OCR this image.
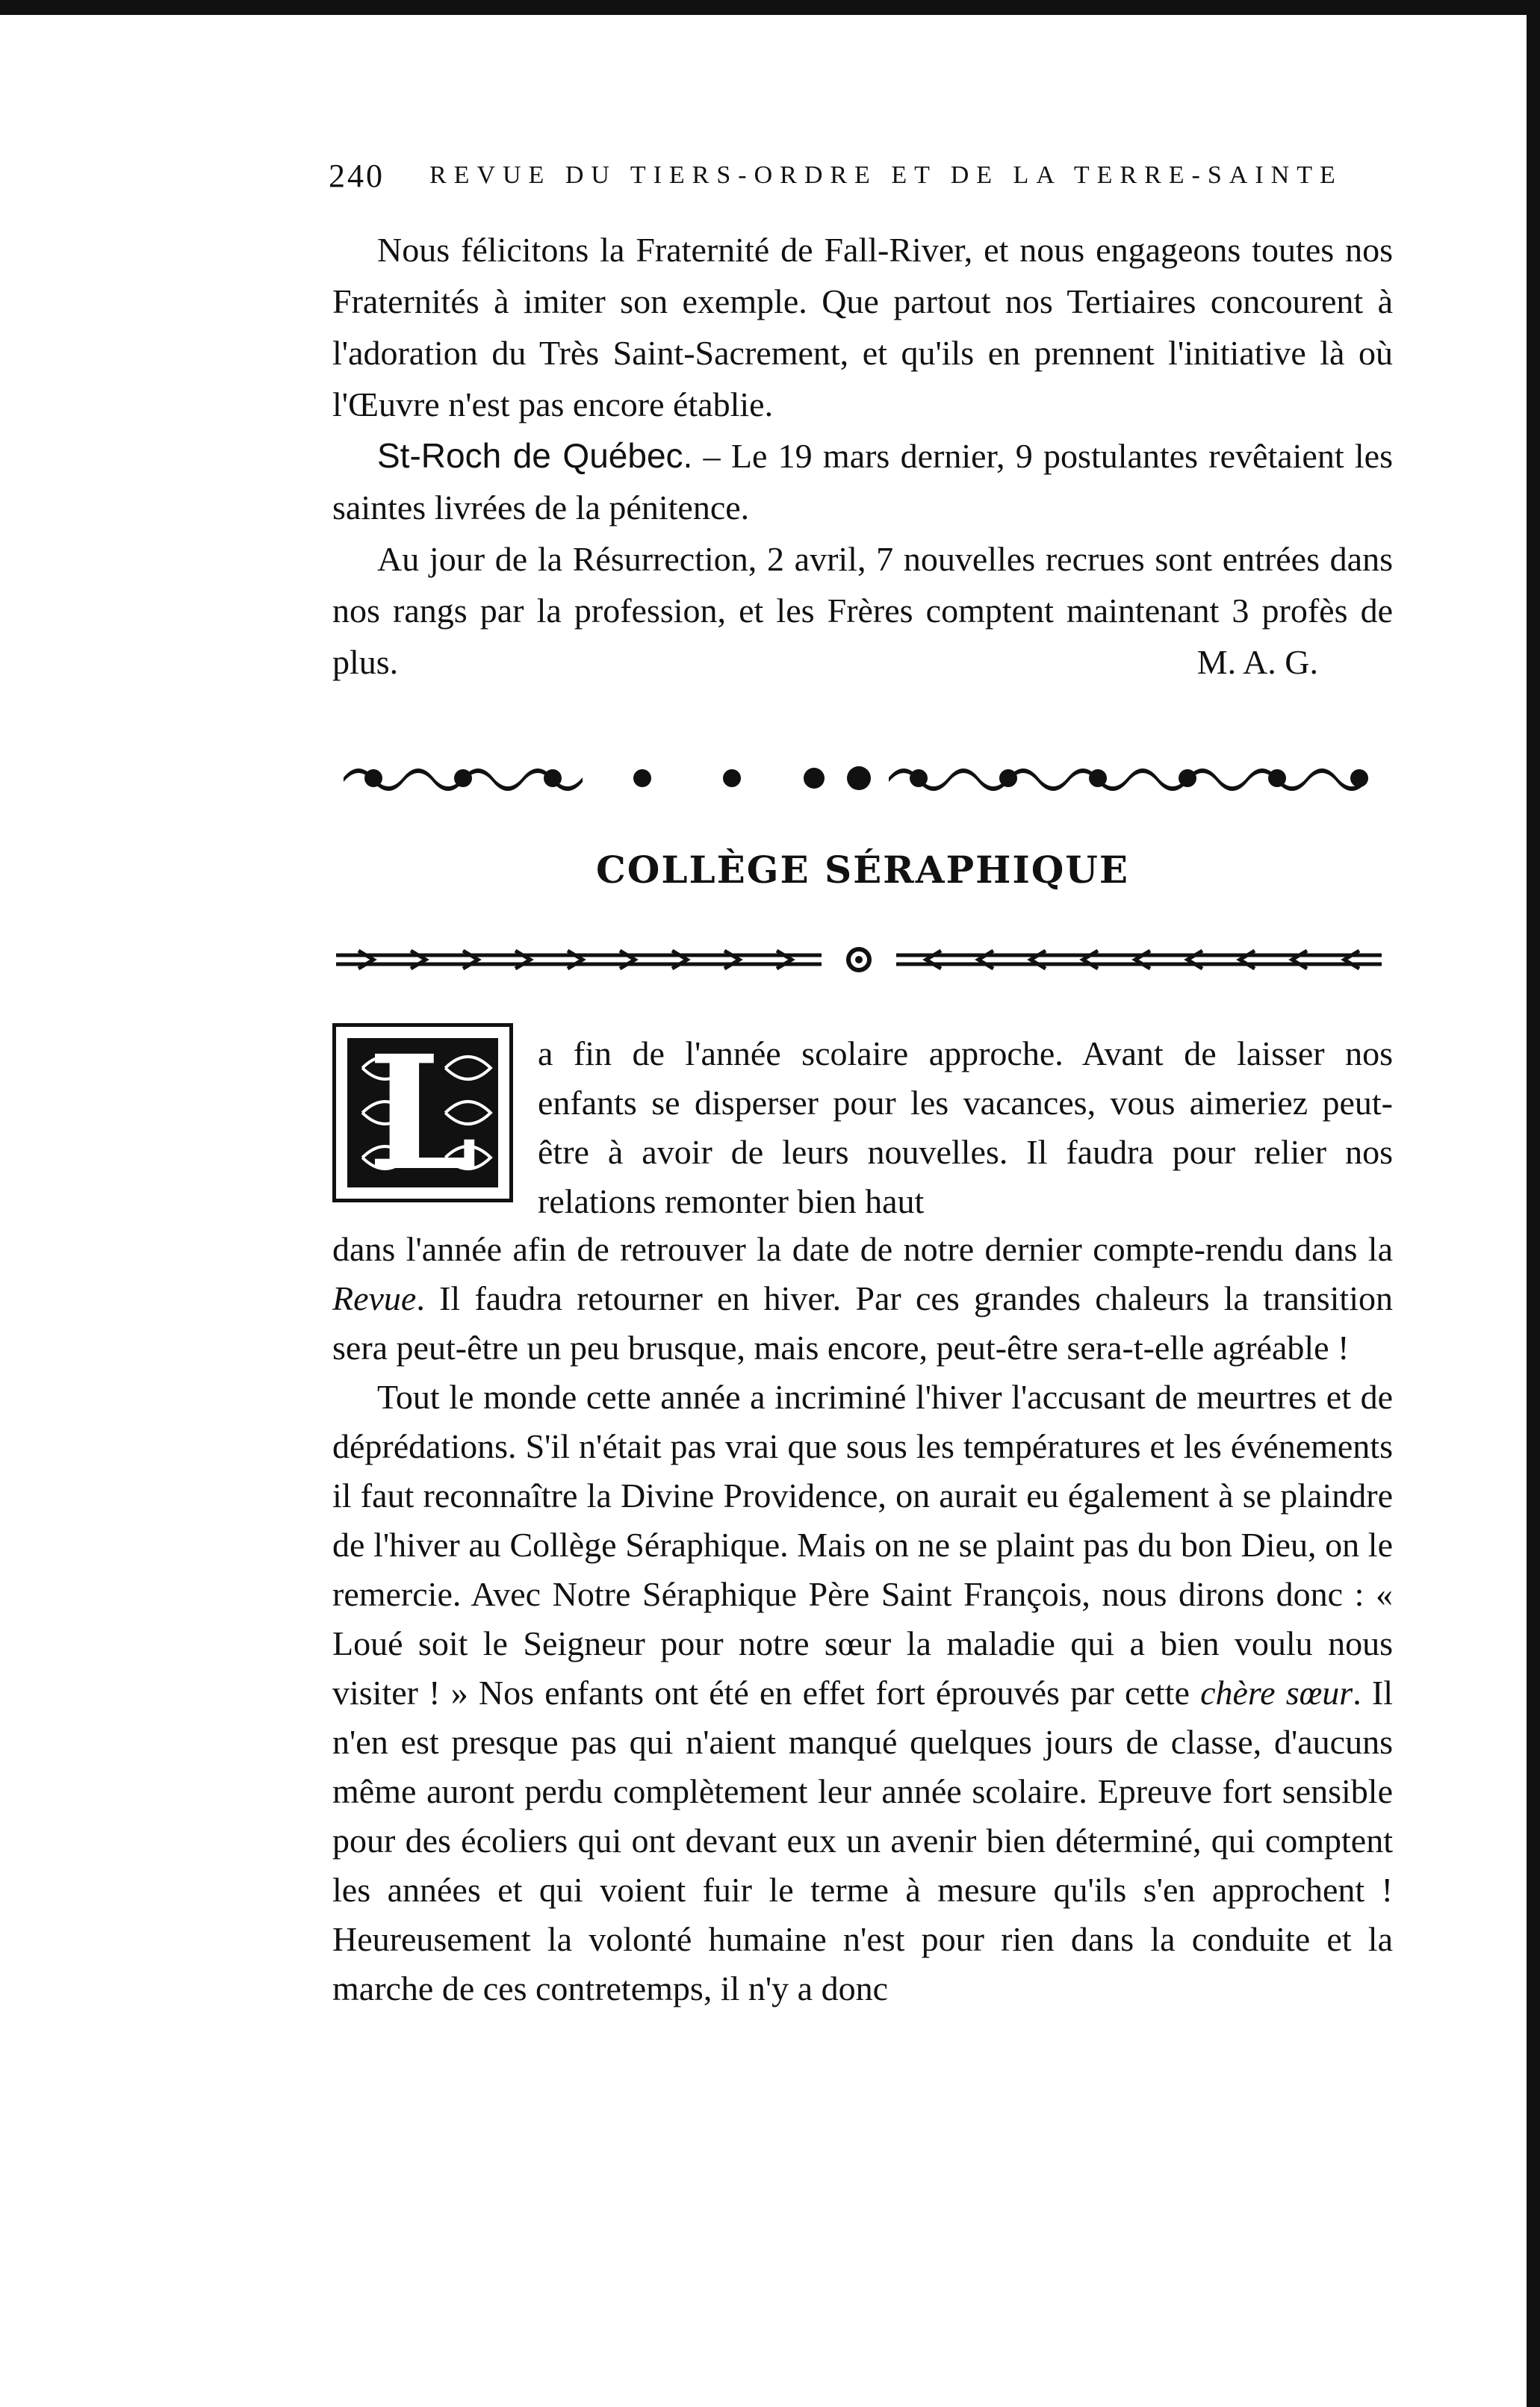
240 REVUE DU TIERS-ORDRE ET DE LA TERRE-SAINTE

Nous félicitons la Fraternité de Fall-River, et nous engageons toutes nos Fraternités à imiter son exemple. Que partout nos Tertiaires concourent à l'adoration du Très Saint-Sacrement, et qu'ils en prennent l'initiative là où l'Œuvre n'est pas encore établie.

St-Roch de Québec. – Le 19 mars dernier, 9 postulantes revêtaient les saintes livrées de la pénitence.

Au jour de la Résurrection, 2 avril, 7 nouvelles recrues sont entrées dans nos rangs par la profession, et les Frères comptent maintenant 3 profès de plus.	M. A. G.

COLLÈGE SÉRAPHIQUE
L	a fin de l'année scolaire approche. Avant de laisser nos enfants se disperser pour les vacances, vous aimeriez peut-être à avoir de leurs nouvelles. Il faudra pour relier nos relations remonter bien haut

dans l'année afin de retrouver la date de notre dernier compte-rendu dans la Revue. Il faudra retourner en hiver. Par ces grandes chaleurs la transition sera peut-être un peu brusque, mais encore, peut-être sera-t-elle agréable !

Tout le monde cette année a incriminé l'hiver l'accusant de meurtres et de déprédations. S'il n'était pas vrai que sous les températures et les événements il faut reconnaître la Divine Providence, on aurait eu également à se plaindre de l'hiver au Collège Séraphique. Mais on ne se plaint pas du bon Dieu, on le remercie. Avec Notre Séraphique Père Saint François, nous dirons donc : « Loué soit le Seigneur pour notre sœur la maladie qui a bien voulu nous visiter ! » Nos enfants ont été en effet fort éprouvés par cette chère sœur. Il n'en est presque pas qui n'aient manqué quelques jours de classe, d'aucuns même auront perdu complètement leur année scolaire. Epreuve fort sensible pour des écoliers qui ont devant eux un avenir bien déterminé, qui comptent les années et qui voient fuir le terme à mesure qu'ils s'en approchent ! Heureusement la volonté humaine n'est pour rien dans la conduite et la marche de ces contretemps, il n'y a donc
